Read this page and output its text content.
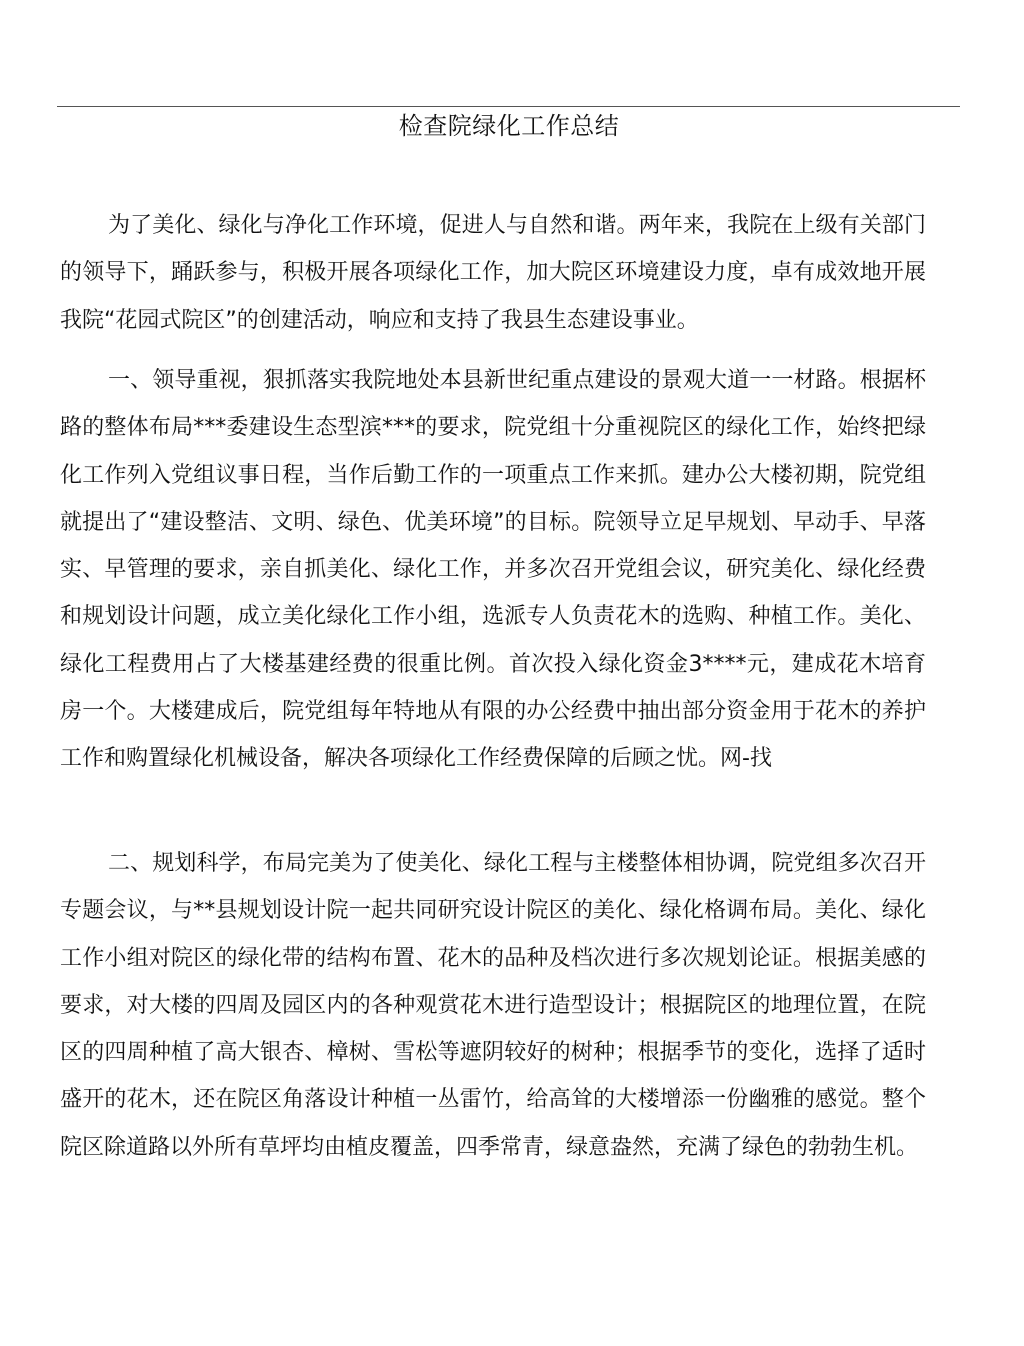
检查院绿化工作总结

为了美化、绿化与净化工作环境，促进人与自然和谐。两年来，我院在上级有关部门的领导下，踊跃参与，积极开展各项绿化工作，加大院区环境建设力度，卓有成效地开展我院“花园式院区”的创建活动，响应和支持了我县生态建设事业。

一、领导重视，狠抓落实我院地处本县新世纪重点建设的景观大道一一材路。根据杯路的整体布局***委建设生态型滨***的要求，院党组十分重视院区的绿化工作，始终把绿化工作列入党组议事日程，当作后勤工作的一项重点工作来抓。建办公大楼初期，院党组就提出了“建设整洁、文明、绿色、优美环境”的目标。院领导立足早规划、早动手、早落实、早管理的要求，亲自抓美化、绿化工作，并多次召开党组会议，研究美化、绿化经费和规划设计问题，成立美化绿化工作小组，选派专人负责花木的选购、种植工作。美化、绿化工程费用占了大楼基建经费的很重比例。首次投入绿化资金3****元，建成花木培育房一个。大楼建成后，院党组每年特地从有限的办公经费中抽出部分资金用于花木的养护工作和购置绿化机械设备，解决各项绿化工作经费保障的后顾之忧。网-找

二、规划科学，布局完美为了使美化、绿化工程与主楼整体相协调，院党组多次召开专题会议，与**县规划设计院一起共同研究设计院区的美化、绿化格调布局。美化、绿化工作小组对院区的绿化带的结构布置、花木的品种及档次进行多次规划论证。根据美感的要求，对大楼的四周及园区内的各种观赏花木进行造型设计；根据院区的地理位置，在院区的四周种植了高大银杏、樟树、雪松等遮阴较好的树种；根据季节的变化，选择了适时盛开的花木，还在院区角落设计种植一丛雷竹，给高耸的大楼增添一份幽雅的感觉。整个院区除道路以外所有草坪均由植皮覆盖，四季常青，绿意盎然，充满了绿色的勃勃生机。
